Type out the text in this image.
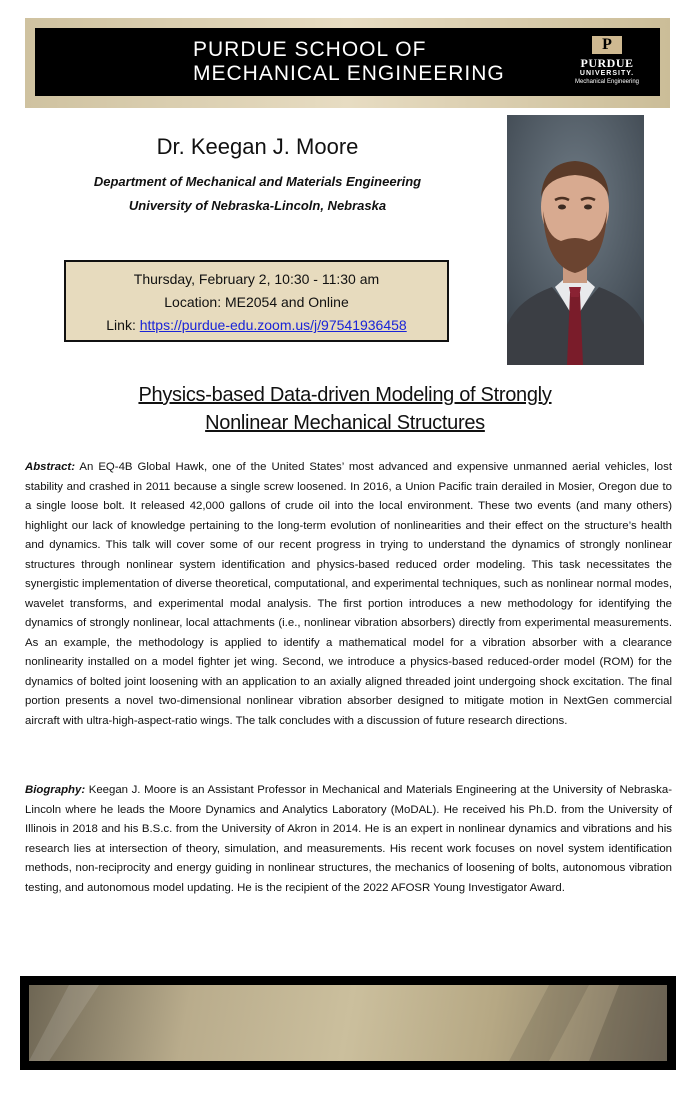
PURDUE SCHOOL OF
MECHANICAL ENGINEERING
P
PURDUE
UNIVERSITY.
Mechanical Engineering
Dr. Keegan J. Moore
Department of Mechanical and Materials Engineering
University of Nebraska-Lincoln, Nebraska
Thursday, February 2, 10:30 - 11:30 am
Location: ME2054 and Online
Link: https://purdue-edu.zoom.us/j/97541936458
Physics-based Data-driven Modeling of Strongly
Nonlinear Mechanical Structures
Abstract: An EQ-4B Global Hawk, one of the United States’ most advanced and expensive unmanned aerial vehicles, lost stability and crashed in 2011 because a single screw loosened. In 2016, a Union Pacific train derailed in Mosier, Oregon due to a single loose bolt. It released 42,000 gallons of crude oil into the local environment. These two events (and many others) highlight our lack of knowledge pertaining to the long-term evolution of nonlinearities and their effect on the structure’s health and dynamics. This talk will cover some of our recent progress in trying to understand the dynamics of strongly nonlinear structures through nonlinear system identification and physics-based reduced order modeling. This task necessitates the synergistic implementation of diverse theoretical, computational, and experimental techniques, such as nonlinear normal modes, wavelet transforms, and experimental modal analysis. The first portion introduces a new methodology for identifying the dynamics of strongly nonlinear, local attachments (i.e., nonlinear vibration absorbers) directly from experimental measurements. As an example, the methodology is applied to identify a mathematical model for a vibration absorber with a clearance nonlinearity installed on a model fighter jet wing. Second, we introduce a physics-based reduced-order model (ROM) for the dynamics of bolted joint loosening with an application to an axially aligned threaded joint undergoing shock excitation. The final portion presents a novel two-dimensional nonlinear vibration absorber designed to mitigate motion in NextGen commercial aircraft with ultra-high-aspect-ratio wings. The talk concludes with a discussion of future research directions.
Biography: Keegan J. Moore is an Assistant Professor in Mechanical and Materials Engineering at the University of Nebraska-Lincoln where he leads the Moore Dynamics and Analytics Laboratory (MoDAL). He received his Ph.D. from the University of Illinois in 2018 and his B.S.c. from the University of Akron in 2014. He is an expert in nonlinear dynamics and vibrations and his research lies at intersection of theory, simulation, and measurements. His recent work focuses on novel system identification methods, non-reciprocity and energy guiding in nonlinear structures, the mechanics of loosening of bolts, autonomous vibration testing, and autonomous model updating. He is the recipient of the 2022 AFOSR Young Investigator Award.
